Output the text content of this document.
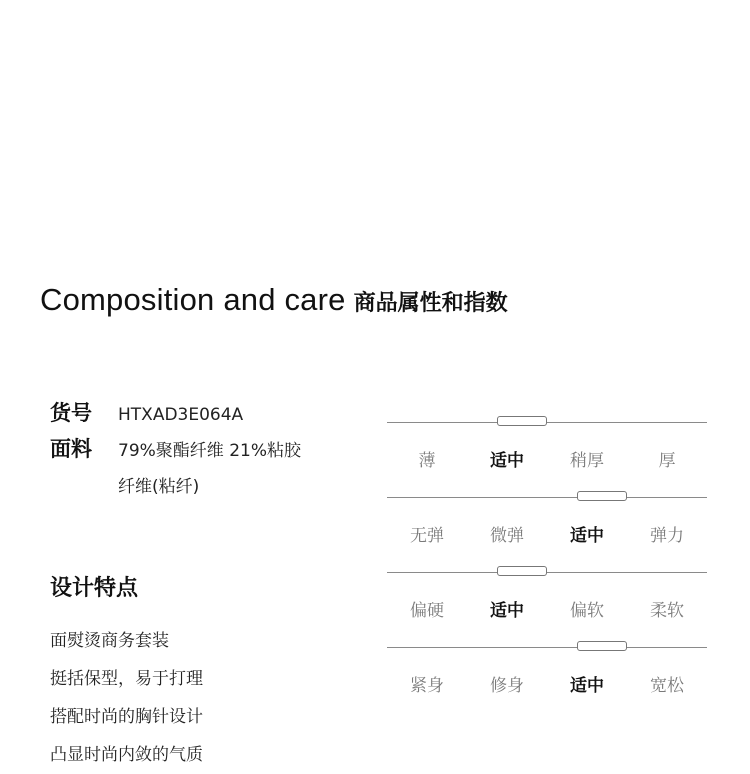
Composition and care 商品属性和指数
货号	HTXAD3E064A
面料	79%聚酯纤维 21%粘胶纤维(粘纤)
设计特点
面熨烫商务套装
挺括保型，易于打理
搭配时尚的胸针设计
凸显时尚内敛的气质
薄	适中	稍厚	厚
无弹	微弹	适中	弹力
偏硬	适中	偏软	柔软
紧身	修身	适中	宽松
